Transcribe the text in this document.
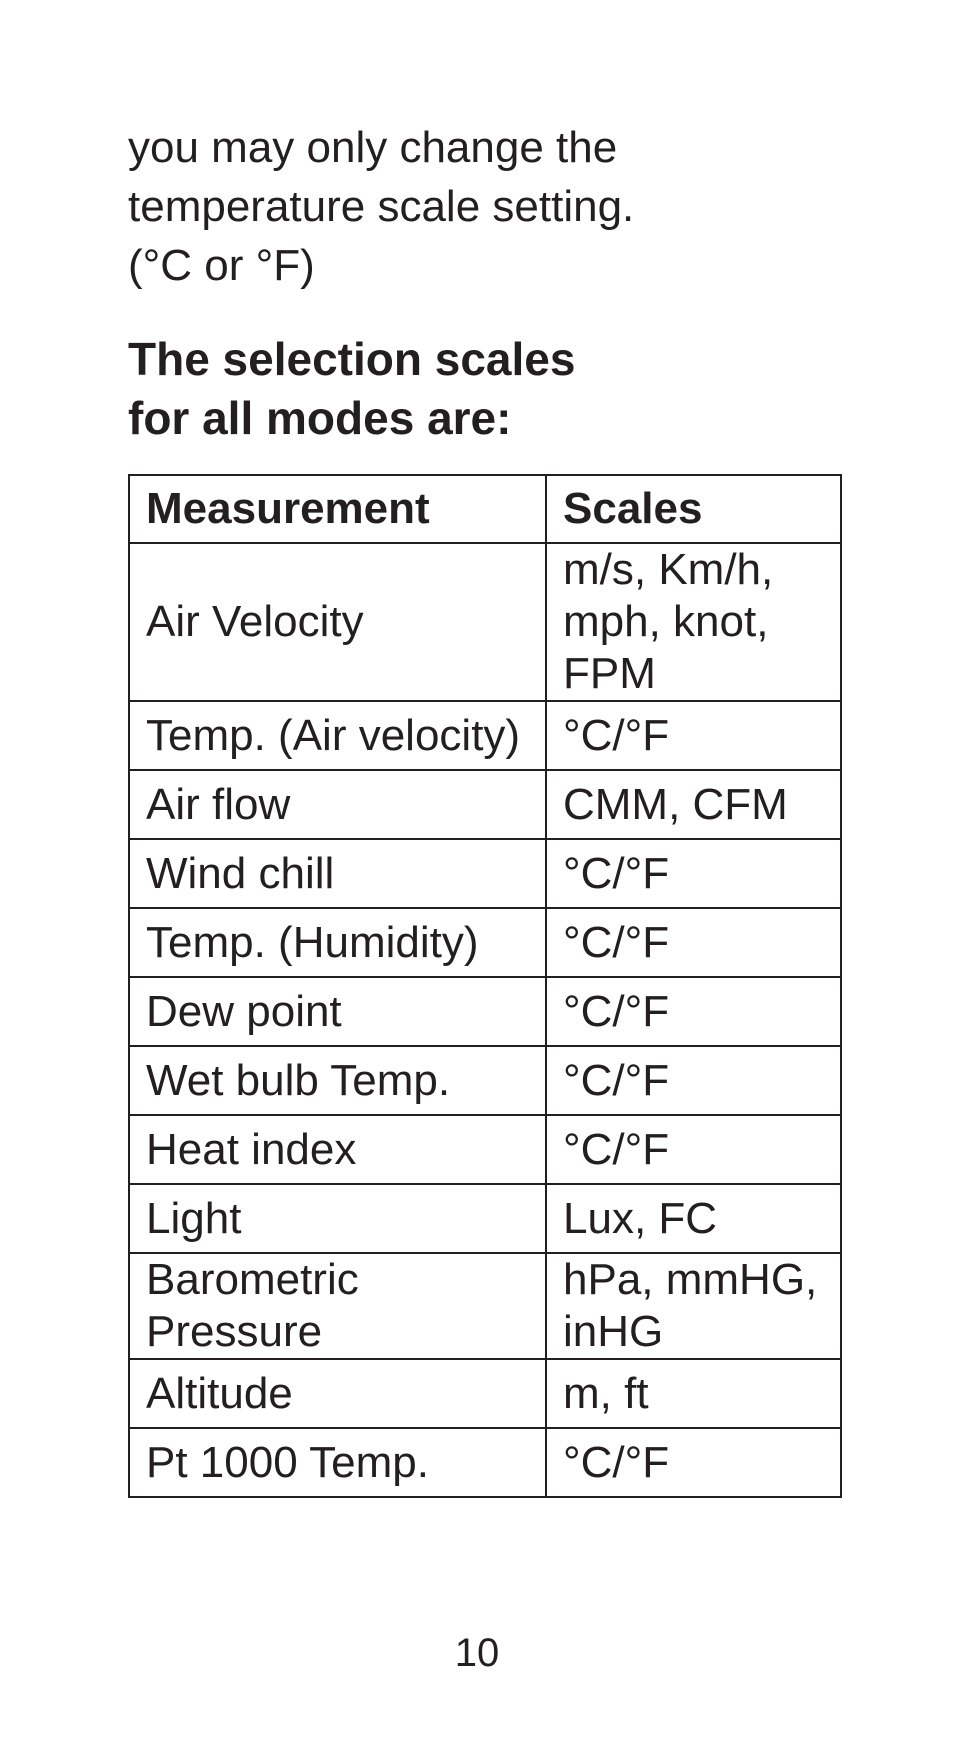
you may only change the

temperature scale setting.

(°C or °F)

The selection scales

for all modes are:

Measurement	Scales
Air Velocity	m/s, Km/h,
mph, knot,
FPM
Temp. (Air velocity)	°C/°F
Air flow	CMM, CFM
Wind chill	°C/°F
Temp. (Humidity)	°C/°F
Dew point	°C/°F
Wet bulb Temp.	°C/°F
Heat index	°C/°F
Light	Lux, FC
Barometric
Pressure	hPa, mmHG,
inHG
Altitude	m, ft
Pt 1000 Temp.	°C/°F
10
